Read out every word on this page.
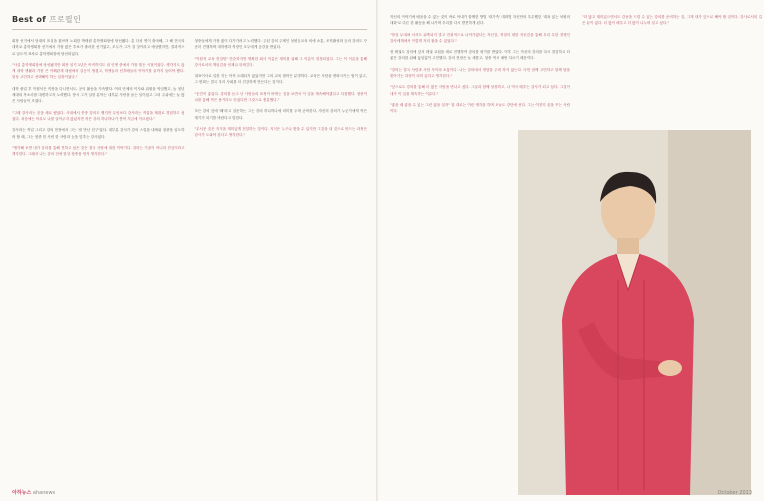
Best of 프로필인

회장 선거에서 당대의 표심을 휩쓰며 노회한 박태원 총학생회장에 당선됐다. 총 다섯 명이 출마해, 그 해 전국의 대학교 총학생회장 선거에서 가장 많은 후보가 출마한 선거였고, 모두가 그가 질 것이라고 예상했지만, 결과적으로 압도적 표차로 총학생회장에 당선되었다.

"사실 총학생회장에 당선됐지만 회장 임기 1년은 아직까지도 내 인생 중에서 가장 힘든 시절이었다. 생각지도 않게 대학 생활과 가장 큰 이해관계 대립에서 갈등이 생겼고, 학생들과 선후배들의 이야기를 끝까지 들어야 했다. 항상 고민하고 선택해야 하는 입장이었다."

대학 졸업 후 이원석은 직장을 다니면서도, 공익 활동을 지속했다. 여러 단체의 이사와 위원을 역임했고, 늘 청년 세대의 목소리를 대변하고자 노력했다. 당시 그가 일한 분야는 대부분 사람을 돕는 일이었고 그의 주위에는 늘 많은 사람들이 모였다.

"그때 강사라는 꿈을 새로 꿨었다. 사내에서 종종 강의도 했지만 무엇보다 강사라는 직업을 제대로 경험하고 싶었다. 처음에는 아무도 나를 알아주지 않았지만 작은 강의 하나하나가 쌓여 지금에 이르렀다."

강사라는 직업 그리고 강의 현장에서 그는 '잘 만난 친구'였다. 대부분 강사가 강의 스킬을 내세워 청중을 압도하려 할 때, 그는 청중 한 사람 한 사람과 눈을 맞추는 강사였다.

"생각해 보면 내가 강의를 통해 전하고 싶은 것은 결국 사람에 대한 이야기다. 강의는 기술이 아니라 진심이라고 생각한다. 그래서 나는 강의 전에 항상 청중을 먼저 생각한다."

청중들에게 가장 많이 다가가려고 노력했다. 주된 강의 주제인 성평등교육 외에 소통, 조직활성화 등의 강의도 꾸준히 진행하며 대학생과 직장인 모두에게 공감을 받았다.

"이원석 교육 컨설팅" 단순하지만 명확한 회사 이름은 재미를 위해 그 이름이 결정되었다. 그는 이 이름을 통해 강사로서의 책임감을 언제나 되새긴다.

대표이사로 일한 지는 아직 오래되지 않았지만 그의 교육 철학은 분명하다. 교육은 사람을 변화시키는 힘이 있고, 그 변화는 결국 우리 사회를 더 건강하게 만든다는 것이다.

"순간이 좋았다. 강의를 듣고 난 사람들의 표정이 바뀌는 것을 보면서 이 일을 계속해야겠다고 다짐했다. 청중이 나를 통해 작은 용기라도 얻었다면 그것으로 충분했다."

모든 강의 앞에 '왜'라고 질문하는 그는 강의 하나하나에 의미를 두며 준비한다. 자신의 강의가 누군가에게 작은 계기가 되기를 바란다고 말한다.

"무서운 것은 지식을 재미있게 전달하는 것이다. 지식은 누구나 찾을 수 있지만 그것을 내 것으로 만드는 과정은 강사가 도와야 한다고 생각한다."

아하뉴스 ahanews

자신의 이야기에 배움을 수 없는 것이 바로 아내가 함께한 방법 '대가족' 대화법 자신만의 우수했던 '대폭 넓는 차원의 대화'로 다른 한 활동을 해 나가며 우리를 다시 발견하게 된다.

"항상 무대에 서서도 위축되지 말고 진취적으로 나아가겠다는 자신감, 적절히 대한 자신감을 통해 우리 무한 경쟁인 강사세계에서 이렇게 자리 잡을 수 있었다."

장 태권도 강의에 앞서 태권 교섭을 새로 진행하여 강의를 평가를 받았다. 이후 그는 자신의 강의를 다시 점검하고 더 좋은 강의를 위해 끊임없이 고민했다. 강의 현장은 늘 새롭고, 청중 역시 매번 다르기 때문이다.

"강의는 결국 사람과 사람 사이의 소통이다. 나는 강의에서 정답을 주려 하지 않는다. 다만 함께 고민하고 함께 답을 찾아가는 과정이 의미 있다고 생각한다."

"앞으로도 강의를 통해 더 많은 사람을 만나고 싶다. 그들과 함께 성장하고, 나 역시 배우는 강사가 되고 싶다. 그것이 내가 이 일을 계속하는 이유다."

"좋을 때 좋을 수 있는 그런 삶을 살자" 열 대로는 이런 생각을 하며 오늘도 강단에 선다. 그는 여전히 꿈을 꾸는 사람이다.

"더 많고 재미있으면서도 감동을 드릴 수 있는 강의를 준비하는 것, 그게 내가 앞으로 해야 할 일이다. 강사로서의 길은 끝이 없다. 더 많이 배우고 더 많이 나누며 살고 싶다."

October 2013
